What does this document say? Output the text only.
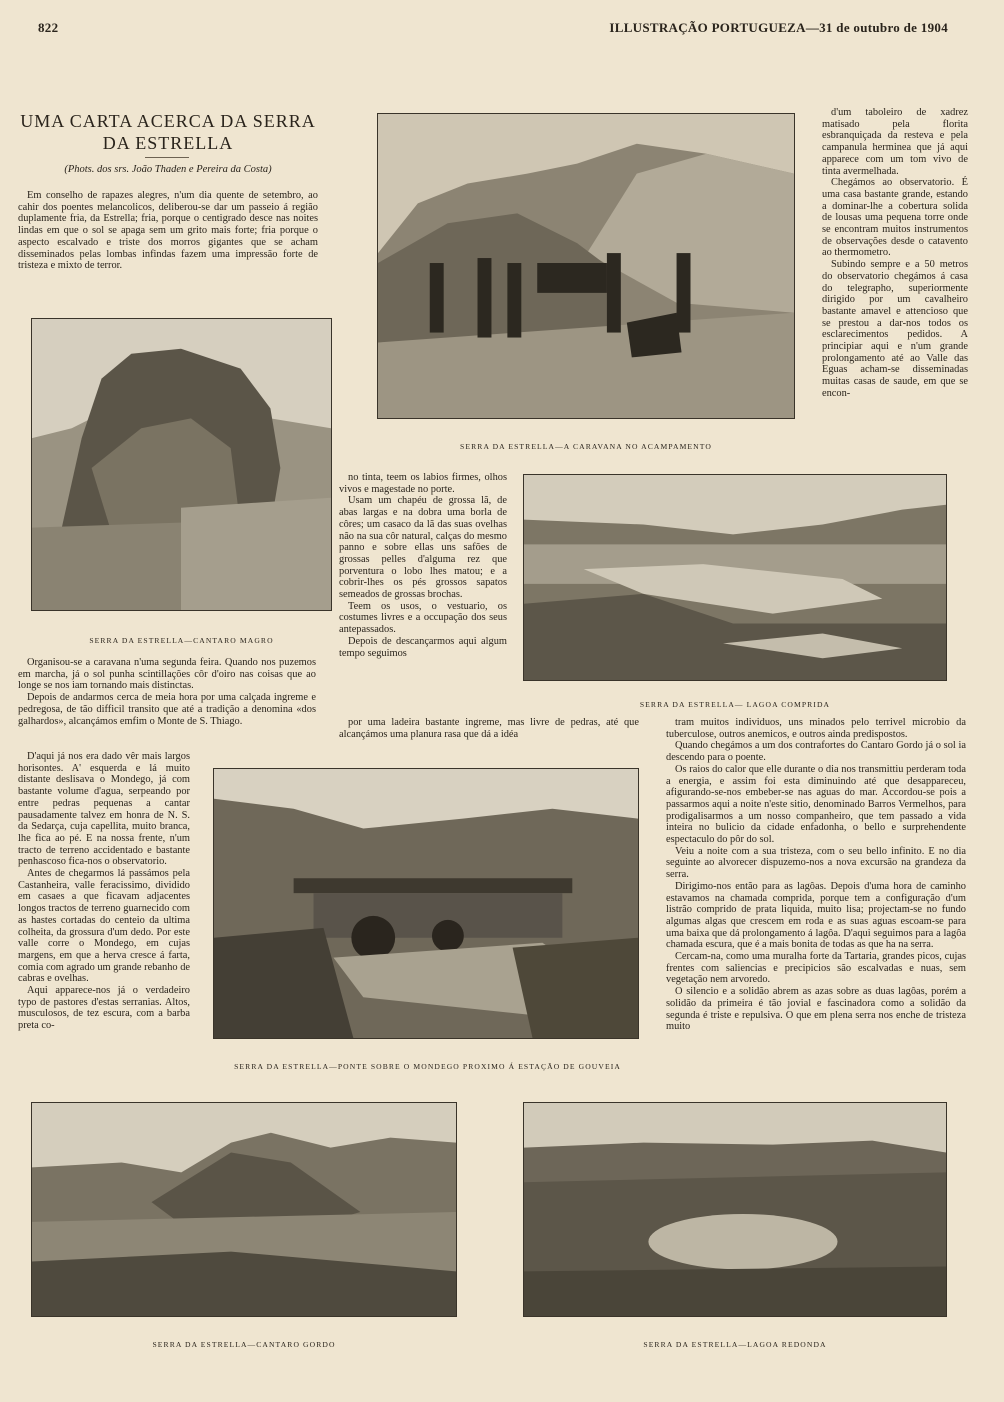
822	ILLUSTRAÇÃO PORTUGUEZA—31 de outubro de 1904
UMA CARTA ACERCA DA SERRA DA ESTRELLA
(Phots. dos srs. João Thaden e Pereira da Costa)

Em conselho de rapazes alegres, n'um dia quente de setembro, ao cahir dos poentes melancolicos, deliberou-se dar um passeio á região duplamente fria, da Estrella; fria, porque o centigrado desce nas noites lindas em que o sol se apaga sem um grito mais forte; fria porque o aspecto escalvado e triste dos morros gigantes que se acham disseminados pelas lombas infindas fazem uma impressão forte de tristeza e mixto de terror.

SERRA DA ESTRELLA—A CARAVANA NO ACAMPAMENTO

d'um taboleiro de xadrez matisado pela florita esbranquiçada da resteva e pela campanula herminea que já aqui apparece com um tom vivo de tinta avermelhada.
Chegámos ao observatorio. É uma casa bastante grande, estando a dominar-lhe a cobertura solida de lousas uma pequena torre onde se encontram muitos instrumentos de observações desde o catavento ao thermometro.
Subindo sempre e a 50 metros do observatorio chegámos á casa do telegrapho, superiormente dirigido por um cavalheiro bastante amavel e attencioso que se prestou a dar-nos todos os esclarecimentos pedidos. A principiar aqui e n'um grande prolongamento até ao Valle das Eguas acham-se disseminadas muitas casas de saude, em que se encon-

SERRA DA ESTRELLA—CANTARO MAGRO

no tinta, teem os labios firmes, olhos vivos e magestade no porte.
Usam um chapéu de grossa lã, de abas largas e na dobra uma borla de côres; um casaco da lã das suas ovelhas não na sua côr natural, calças do mesmo panno e sobre ellas uns safões de grossas pelles d'alguma rez que porventura o lobo lhes matou; e a cobrir-lhes os pés grossos sapatos semeados de grossas brochas.
Teem os usos, o vestuario, os costumes livres e a occupação dos seus antepassados.
Depois de descançarmos aqui algum tempo seguimos

SERRA DA ESTRELLA— LAGOA COMPRIDA

Organisou-se a caravana n'uma segunda feira. Quando nos puzemos em marcha, já o sol punha scintillações côr d'oiro nas coisas que ao longe se nos iam tornando mais distinctas.
Depois de andarmos cerca de meia hora por uma calçada ingreme e pedregosa, de tão difficil transito que até a tradição a denomina «dos galhardos», alcançámos emfim o Monte de S. Thiago.	por uma ladeira bastante ingreme, mas livre de pedras, até que alcançámos uma planura rasa que dá a idéa

D'aqui já nos era dado vêr mais largos horisontes. A' esquerda e lá muito distante deslisava o Mondego, já com bastante volume d'agua, serpeando por entre pedras pequenas a cantar pausadamente talvez em honra de N. S. da Sedarça, cuja capellita, muito branca, lhe fica ao pé. E na nossa frente, n'um tracto de terreno accidentado e bastante penhascoso fica-nos o observatorio.
Antes de chegarmos lá passámos pela Castanheira, valle feracissimo, dividido em casaes a que ficavam adjacentes longos tractos de terreno guarnecido com as hastes cortadas do centeio da ultima colheita, da grossura d'um dedo. Por este valle corre o Mondego, em cujas margens, em que a herva cresce á farta, comia com agrado um grande rebanho de cabras e ovelhas.
Aqui apparece-nos já o verdadeiro typo de pastores d'estas serranias. Altos, musculosos, de tez escura, com a barba preta co-

SERRA DA ESTRELLA—PONTE SOBRE O MONDEGO PROXIMO Á ESTAÇÃO DE GOUVEIA

tram muitos individuos, uns minados pelo terrivel microbio da tuberculose, outros anemicos, e outros ainda predispostos.
Quando chegámos a um dos contrafortes do Cantaro Gordo já o sol ia descendo para o poente.
Os raios do calor que elle durante o dia nos transmittiu perderam toda a energia, e assim foi esta diminuindo até que desappareceu, afigurando-se-nos embeber-se nas aguas do mar. Accordou-se pois a passarmos aqui a noite n'este sitio, denominado Barros Vermelhos, para prodigalisarmos a um nosso companheiro, que tem passado a vida inteira no bulicio da cidade enfadonha, o bello e surprehendente espectaculo do pôr do sol.
Veiu a noite com a sua tristeza, com o seu bello infinito. E no dia seguinte ao alvorecer dispuzemo-nos a nova excursão na grandeza da serra.
Dirigimo-nos então para as lagôas. Depois d'uma hora de caminho estavamos na chamada comprida, porque tem a configuração d'um listrão comprido de prata liquida, muito lisa; projectam-se no fundo algumas algas que crescem em roda e as suas aguas escoam-se para uma baixa que dá prolongamento á lagôa. D'aqui seguimos para a lagôa chamada escura, que é a mais bonita de todas as que ha na serra.
Cercam-na, como uma muralha forte da Tartaria, grandes picos, cujas frentes com saliencias e precipicios são escalvadas e nuas, sem vegetação nem arvoredo.
O silencio e a solidão abrem as azas sobre as duas lagôas, porém a solidão da primeira é tão jovial e fascinadora como a solidão da segunda é triste e repulsiva. O que em plena serra nos enche de tristeza muito

SERRA DA ESTRELLA—CANTARO GORDO	SERRA DA ESTRELLA—LAGOA REDONDA
